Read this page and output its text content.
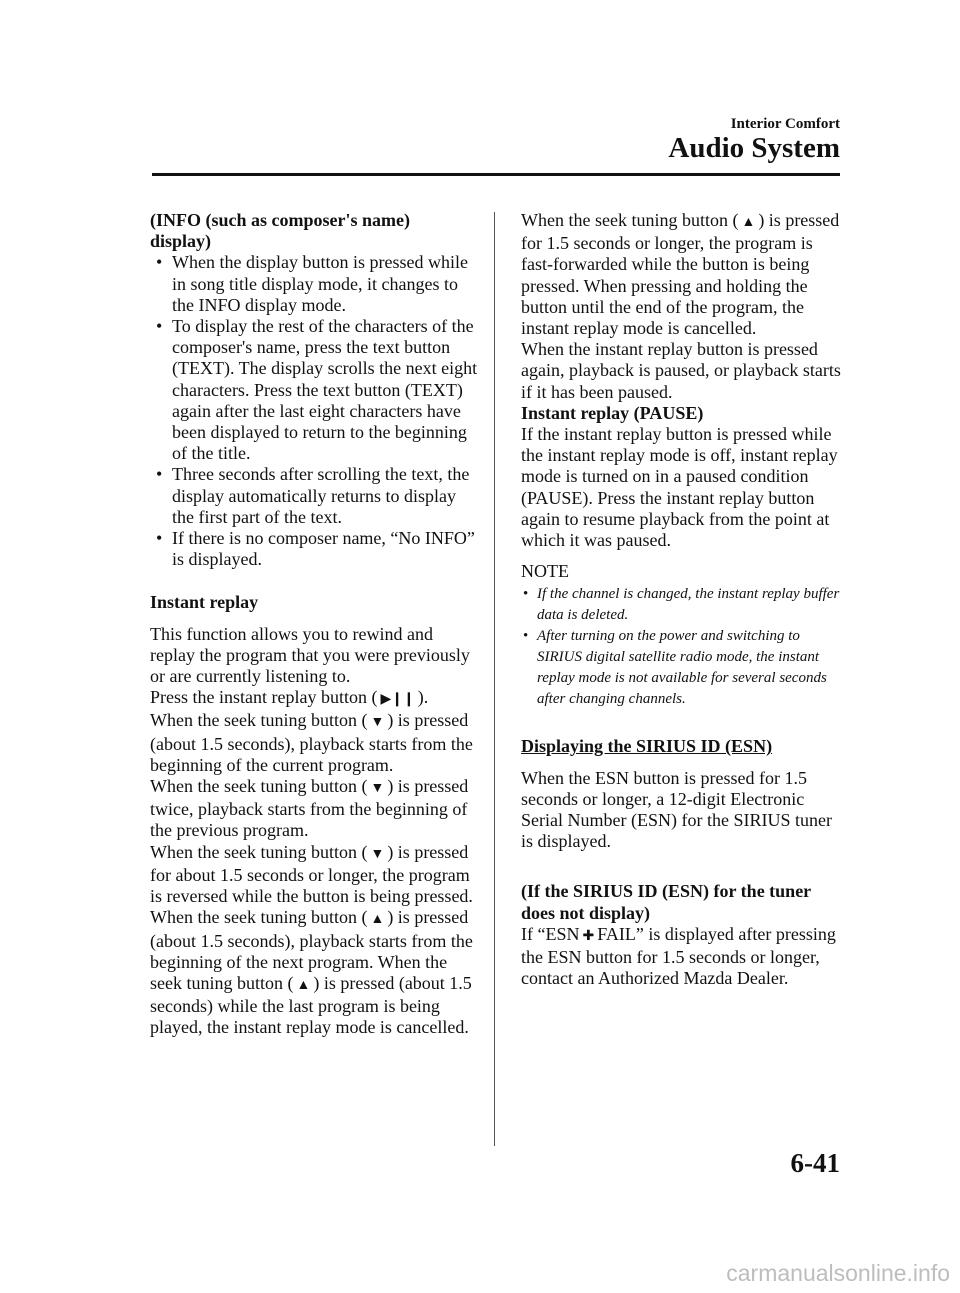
Interior Comfort
Audio System

(INFO (such as composer's name)

display)

• When the display button is pressed while in song title display mode, it changes to the INFO display mode.
• To display the rest of the characters of the composer's name, press the text button (TEXT). The display scrolls the next eight characters. Press the text button (TEXT) again after the last eight characters have been displayed to return to the beginning of the title.
• Three seconds after scrolling the text, the display automatically returns to display the first part of the text.
• If there is no composer name, “No INFO” is displayed.

Instant replay

This function allows you to rewind and replay the program that you were previously or are currently listening to.

Press the instant replay button ( ▶❙❙ ).

When the seek tuning button ( ▼ ) is pressed (about 1.5 seconds), playback starts from the beginning of the current program.

When the seek tuning button ( ▼ ) is pressed twice, playback starts from the beginning of the previous program.

When the seek tuning button ( ▼ ) is pressed for about 1.5 seconds or longer, the program is reversed while the button is being pressed.

When the seek tuning button ( ▲ ) is pressed (about 1.5 seconds), playback starts from the beginning of the next program. When the seek tuning button ( ▲ ) is pressed (about 1.5 seconds) while the last program is being played, the instant replay mode is cancelled.

When the seek tuning button ( ▲ ) is pressed for 1.5 seconds or longer, the program is fast-forwarded while the button is being pressed. When pressing and holding the button until the end of the program, the instant replay mode is cancelled.

When the instant replay button is pressed again, playback is paused, or playback starts if it has been paused.

Instant replay (PAUSE)

If the instant replay button is pressed while the instant replay mode is off, instant replay mode is turned on in a paused condition (PAUSE). Press the instant replay button again to resume playback from the point at which it was paused.

NOTE

• If the channel is changed, the instant replay buffer data is deleted.
• After turning on the power and switching to SIRIUS digital satellite radio mode, the instant replay mode is not available for several seconds after changing channels.

Displaying the SIRIUS ID (ESN)

When the ESN button is pressed for 1.5 seconds or longer, a 12-digit Electronic Serial Number (ESN) for the SIRIUS tuner is displayed.

(If the SIRIUS ID (ESN) for the tuner

does not display)

If “ESN ✚ FAIL” is displayed after pressing the ESN button for 1.5 seconds or longer, contact an Authorized Mazda Dealer.

6-41
carmanualsonline.info
